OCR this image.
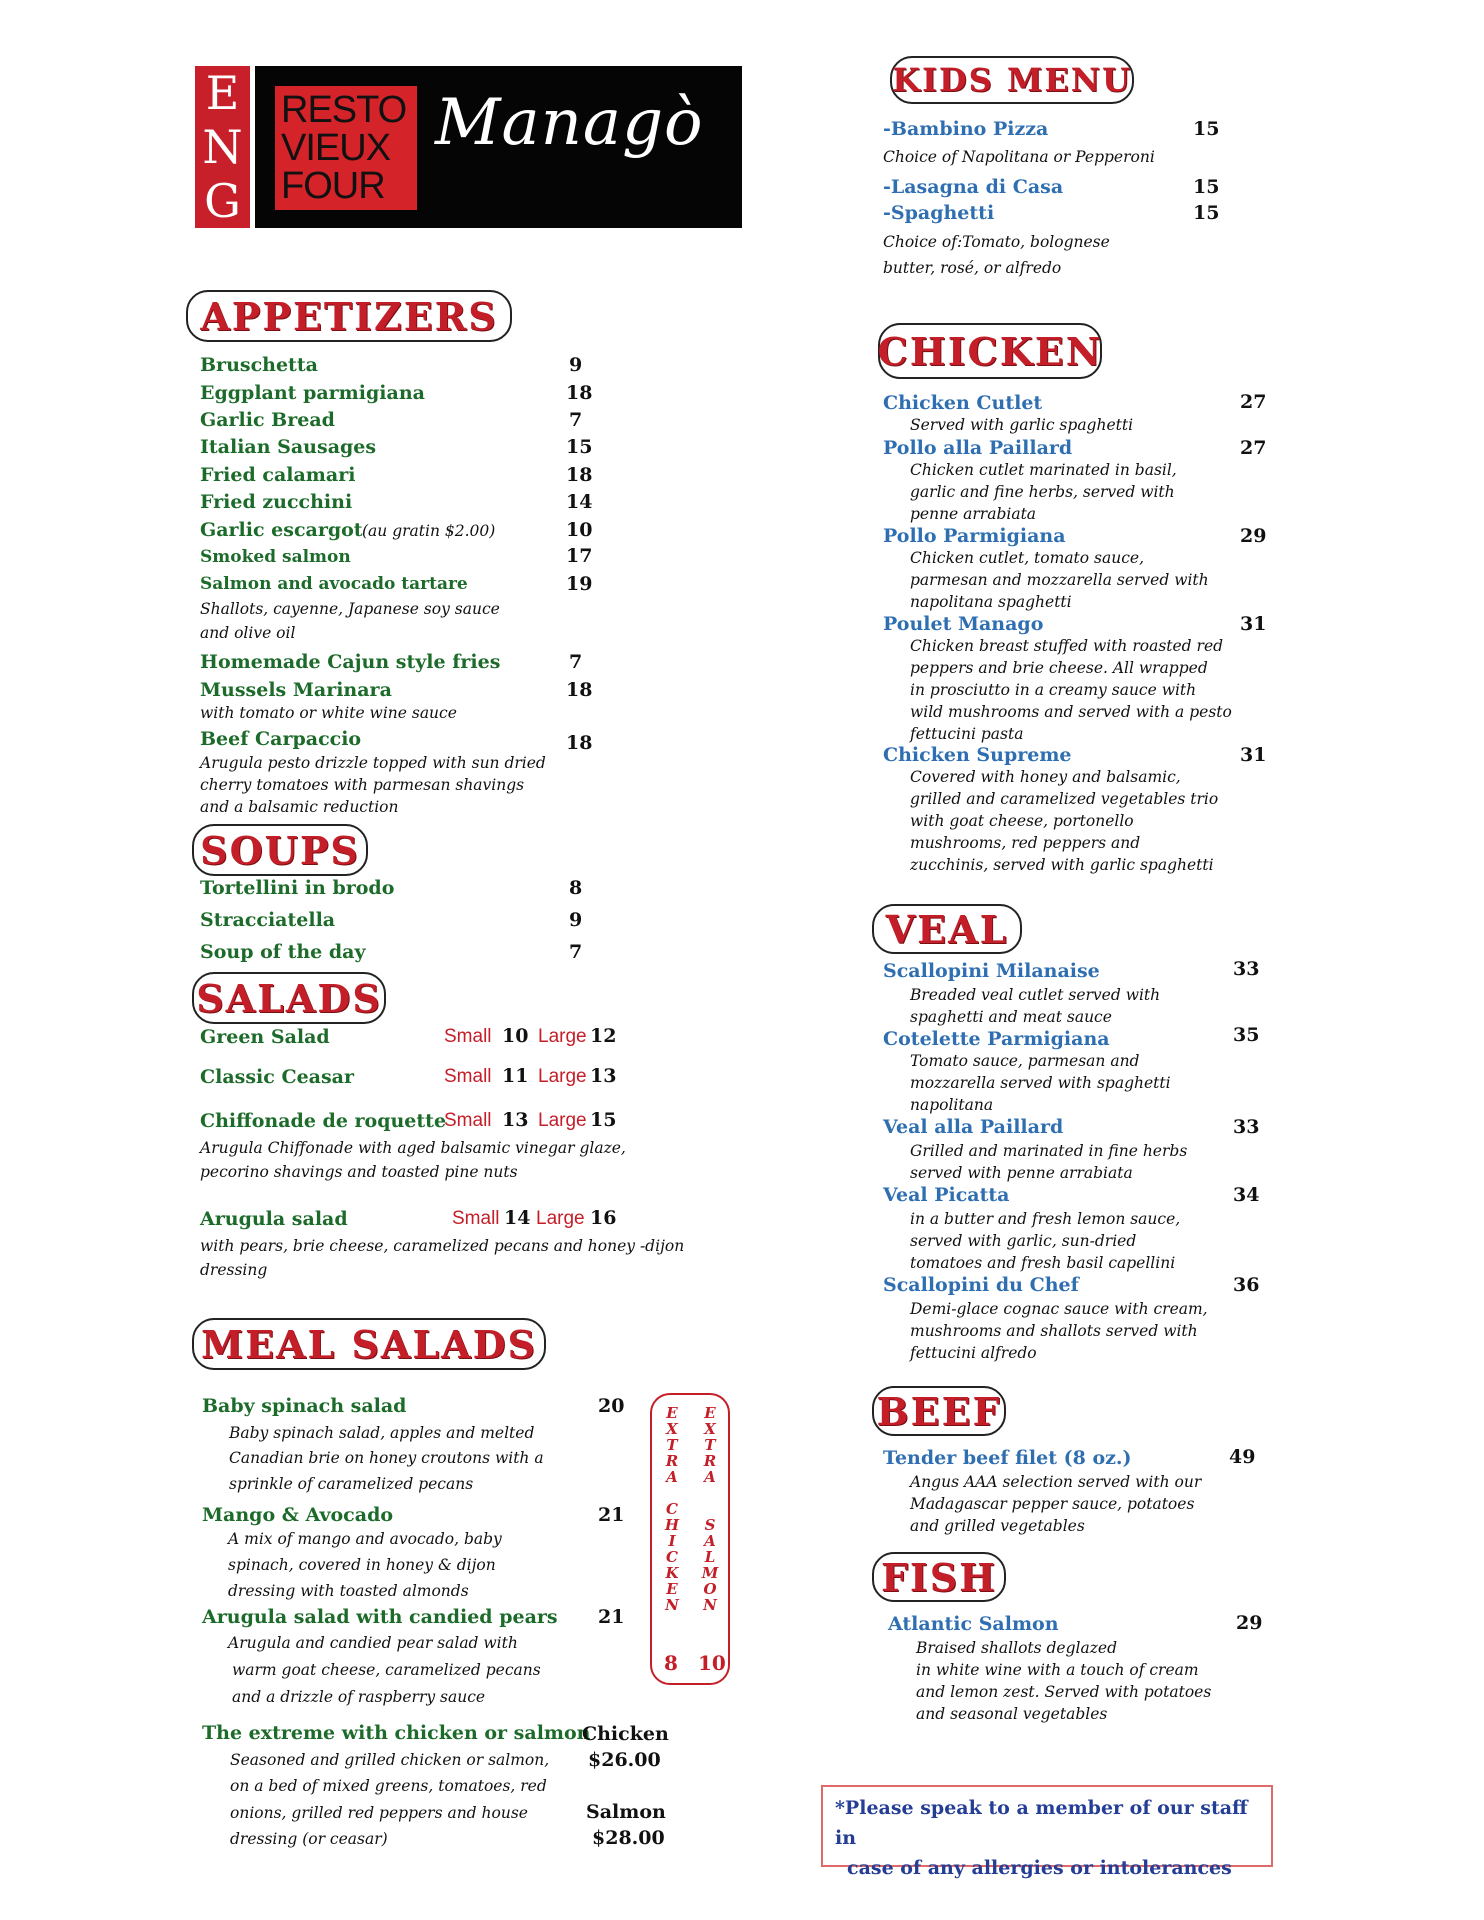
E
N
G
RESTO
VIEUX
FOUR
Managò
APPETIZERS
Bruschetta	9
Eggplant parmigiana	18
Garlic Bread	7
Italian Sausages	15
Fried calamari	18
Fried zucchini	14
Garlic escargot (au gratin $2.00)	10
Smoked salmon	17
Salmon and avocado tartare	19
Shallots, cayenne, Japanese soy sauce
and olive oil
Homemade Cajun style fries	7
Mussels Marinara	18
with tomato or white wine sauce
Beef Carpaccio	18
Arugula pesto drizzle topped with sun dried
cherry tomatoes with parmesan shavings
and a balsamic reduction
SOUPS
Tortellini in brodo	8
Stracciatella	9
Soup of the day	7
SALADS
Green Salad	Small 10 Large 12
Classic Ceasar	Small 11 Large 13
Chiffonade de roquette
Small 13 Large 15
Arugula Chiffonade with aged balsamic vinegar glaze,
pecorino shavings and toasted pine nuts
Arugula salad	Small 14 Large 16
with pears, brie cheese, caramelized pecans and honey -dijon
dressing
MEAL SALADS
Baby spinach salad	20
Baby spinach salad, apples and melted
Canadian brie on honey croutons with a
sprinkle of caramelized pecans
Mango & Avocado	21
A mix of mango and avocado, baby
spinach, covered in honey & dijon
dressing with toasted almonds
Arugula salad with candied pears 21
Arugula and candied pear salad with
warm goat cheese, caramelized pecans
and a drizzle of raspberry sauce
E
X
T
R
A

C
H
I
C
K
E
N
E
X
T
R
A

S
A
L
M
O
N
8 10
The extreme with chicken or salmon
Chicken
$26.00
Salmon
$28.00
Seasoned and grilled chicken or salmon,
on a bed of mixed greens, tomatoes, red
onions, grilled red peppers and house
dressing (or ceasar)
KIDS MENU
-Bambino Pizza	15
Choice of Napolitana or Pepperoni
-Lasagna di Casa	15
-Spaghetti	15
Choice of:Tomato, bolognese
butter, rosé, or alfredo
CHICKEN
Chicken Cutlet	27
Served with garlic spaghetti
Pollo alla Paillard	27
Chicken cutlet marinated in basil,
garlic and fine herbs, served with
penne arrabiata
Pollo Parmigiana	29
Chicken cutlet, tomato sauce,
parmesan and mozzarella served with
napolitana spaghetti
Poulet Manago	31
Chicken breast stuffed with roasted red
peppers and brie cheese. All wrapped
in prosciutto in a creamy sauce with
wild mushrooms and served with a pesto
fettucini pasta
Chicken Supreme	31
Covered with honey and balsamic,
grilled and caramelized vegetables trio
with goat cheese, portonello
mushrooms, red peppers and
zucchinis, served with garlic spaghetti
VEAL
Scallopini Milanaise	33
Breaded veal cutlet served with
spaghetti and meat sauce
Cotelette Parmigiana	35
Tomato sauce, parmesan and
mozzarella served with spaghetti
napolitana
Veal alla Paillard	33
Grilled and marinated in fine herbs
served with penne arrabiata
Veal Picatta	34
in a butter and fresh lemon sauce,
served with garlic, sun-dried
tomatoes and fresh basil capellini
Scallopini du Chef	36
Demi-glace cognac sauce with cream,
mushrooms and shallots served with
fettucini alfredo
BEEF
Tender beef filet (8 oz.)	49
Angus AAA selection served with our
Madagascar pepper sauce, potatoes
and grilled vegetables
FISH
Atlantic Salmon	29
Braised shallots deglazed
in white wine with a touch of cream
and lemon zest. Served with potatoes
and seasonal vegetables
*Please speak to a member of our staff in
case of any allergies or intolerances
